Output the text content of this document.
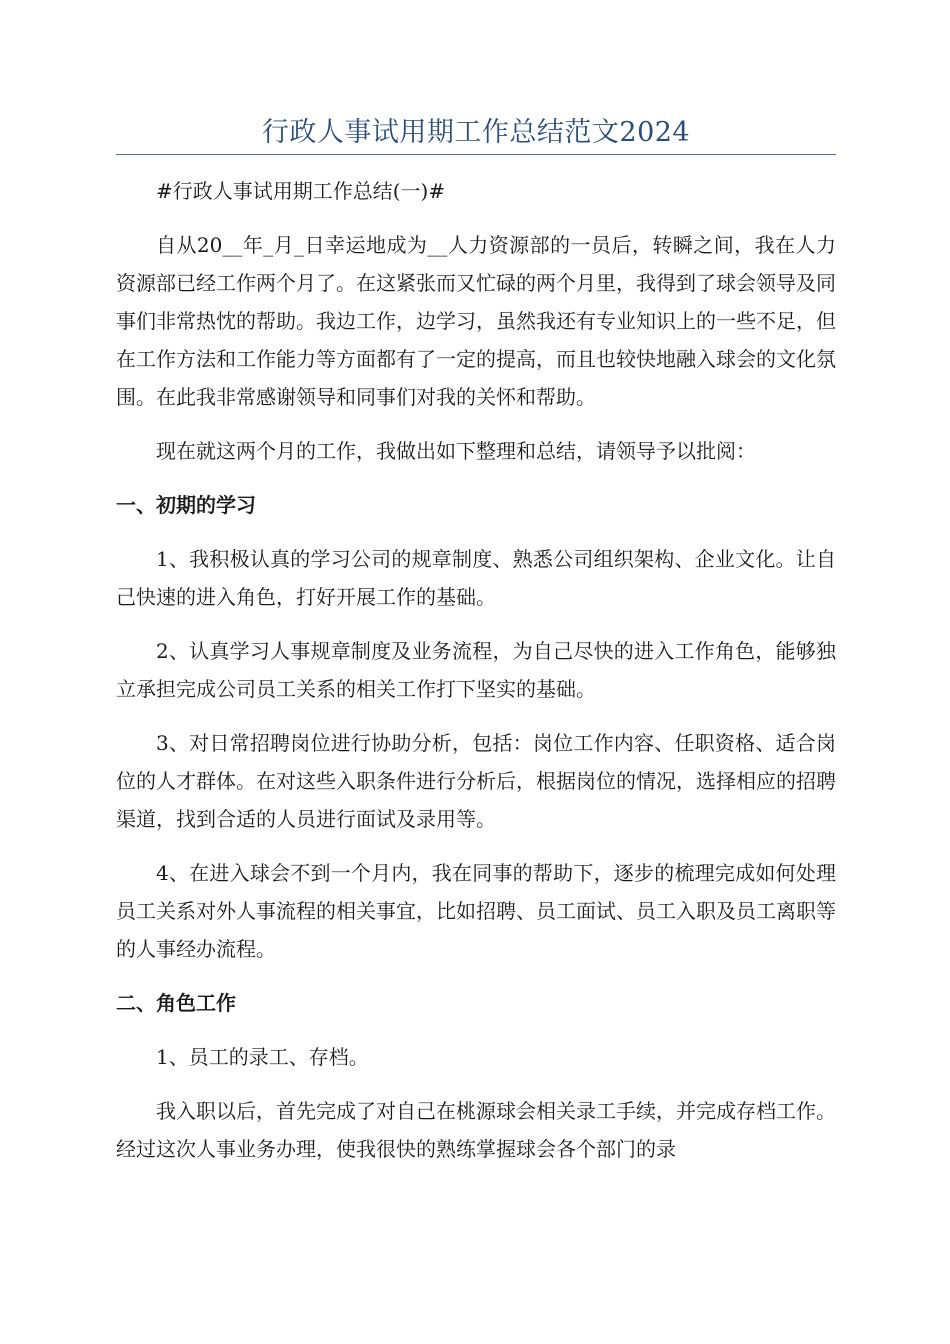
行政人事试用期工作总结范文2024

#行政人事试用期工作总结(一)#

自从20__年_月_日幸运地成为__人力资源部的一员后，转瞬之间，我在人力资源部已经工作两个月了。在这紧张而又忙碌的两个月里，我得到了球会领导及同事们非常热忱的帮助。我边工作，边学习，虽然我还有专业知识上的一些不足，但在工作方法和工作能力等方面都有了一定的提高，而且也较快地融入球会的文化氛围。在此我非常感谢领导和同事们对我的关怀和帮助。

现在就这两个月的工作，我做出如下整理和总结，请领导予以批阅：

一、初期的学习

1、我积极认真的学习公司的规章制度、熟悉公司组织架构、企业文化。让自己快速的进入角色，打好开展工作的基础。

2、认真学习人事规章制度及业务流程，为自己尽快的进入工作角色，能够独立承担完成公司员工关系的相关工作打下坚实的基础。

3、对日常招聘岗位进行协助分析，包括：岗位工作内容、任职资格、适合岗位的人才群体。在对这些入职条件进行分析后，根据岗位的情况，选择相应的招聘渠道，找到合适的人员进行面试及录用等。

4、在进入球会不到一个月内，我在同事的帮助下，逐步的梳理完成如何处理员工关系对外人事流程的相关事宜，比如招聘、员工面试、员工入职及员工离职等的人事经办流程。

二、角色工作

1、员工的录工、存档。

我入职以后，首先完成了对自己在桃源球会相关录工手续，并完成存档工作。经过这次人事业务办理，使我很快的熟练掌握球会各个部门的录
